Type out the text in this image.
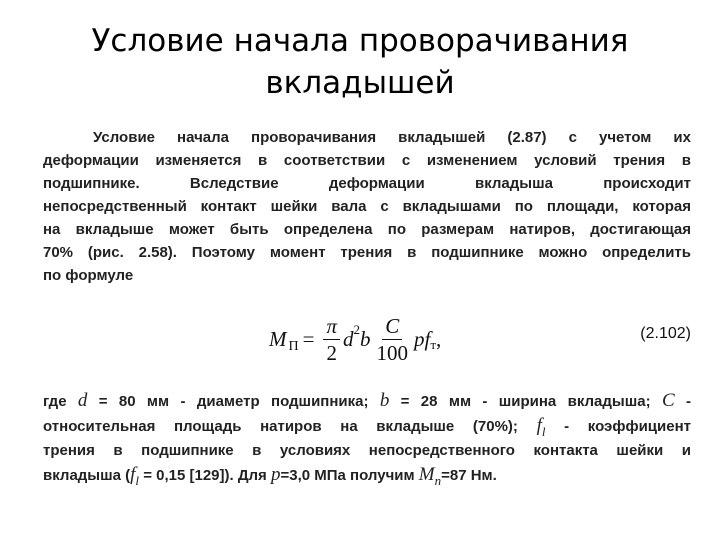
Условие начала проворачивания
вкладышей

Условие начала проворачивания вкладышей (2.87) с учетом их
деформации изменяется в соответствии с изменением условий трения в
подшипнике. Вследствие деформации вкладыша происходит
непосредственный контакт шейки вала с вкладышами по площади, которая
на вкладыше может быть определена по размерам натиров, достигающая
70% (рис. 2.58). Поэтому момент трения в подшипнике можно определить
по формуле

M $П = \frac{\pi}{2}$ d 2 b $\frac{C}{100}$ pf т ,	(2.102)
где d = 80 мм - диаметр подшипника; b = 28 мм - ширина вкладыша; C -
относительная площадь натиров на вкладыше (70%); fl - коэффициент
трения в подшипнике в условиях непосредственного контакта шейки и
вкладыша (fl = 0,15 [129]). Для p=3,0 МПа получим Mп=87 Нм.
